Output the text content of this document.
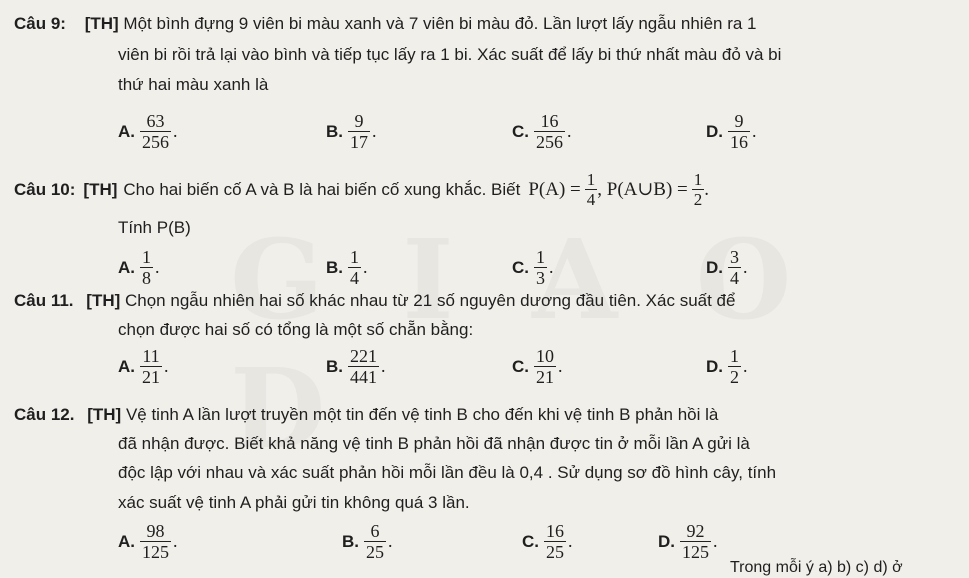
Câu 9: [TH] Một bình đựng 9 viên bi màu xanh và 7 viên bi màu đỏ. Lần lượt lấy ngẫu nhiên ra 1
viên bi rồi trả lại vào bình và tiếp tục lấy ra 1 bi. Xác suất để lấy bi thứ nhất màu đỏ và bi
thứ hai màu xanh là
A. $\frac{63}{256}$ .	B. $\frac{9}{17}$ .	C. $\frac{16}{256}$ .	D. $\frac{9}{16}$ .
Câu 10: [TH] Cho hai biến cố A và B là hai biến cố xung khắc. Biết $P(A) = \frac{1}{4}$ , P(A∪B) = $\frac{1}{2}$ .
Tính P(B)
A. $\frac{1}{8}$ .	B. $\frac{1}{4}$ .	C. $\frac{1}{3}$ .	D. $\frac{3}{4}$ .
Câu 11. [TH] Chọn ngẫu nhiên hai số khác nhau từ 21 số nguyên dương đầu tiên. Xác suất để
chọn được hai số có tổng là một số chẵn bằng:
A. $\frac{11}{21}$ .	B. $\frac{221}{441}$ .	C. $\frac{10}{21}$ .	D. $\frac{1}{2}$ .
Câu 12. [TH] Vệ tinh A lần lượt truyền một tin đến vệ tinh B cho đến khi vệ tinh B phản hồi là
đã nhận được. Biết khả năng vệ tinh B phản hồi đã nhận được tin ở mỗi lần A gửi là
độc lập với nhau và xác suất phản hồi mỗi lần đều là 0,4 . Sử dụng sơ đồ hình cây, tính
xác suất vệ tinh A phải gửi tin không quá 3 lần.
A. $\frac{98}{125}$ .	B. $\frac{6}{25}$ .	C. $\frac{16}{25}$ .	D. $\frac{92}{125}$ .
Trong mỗi ý a) b) c) d) ở
